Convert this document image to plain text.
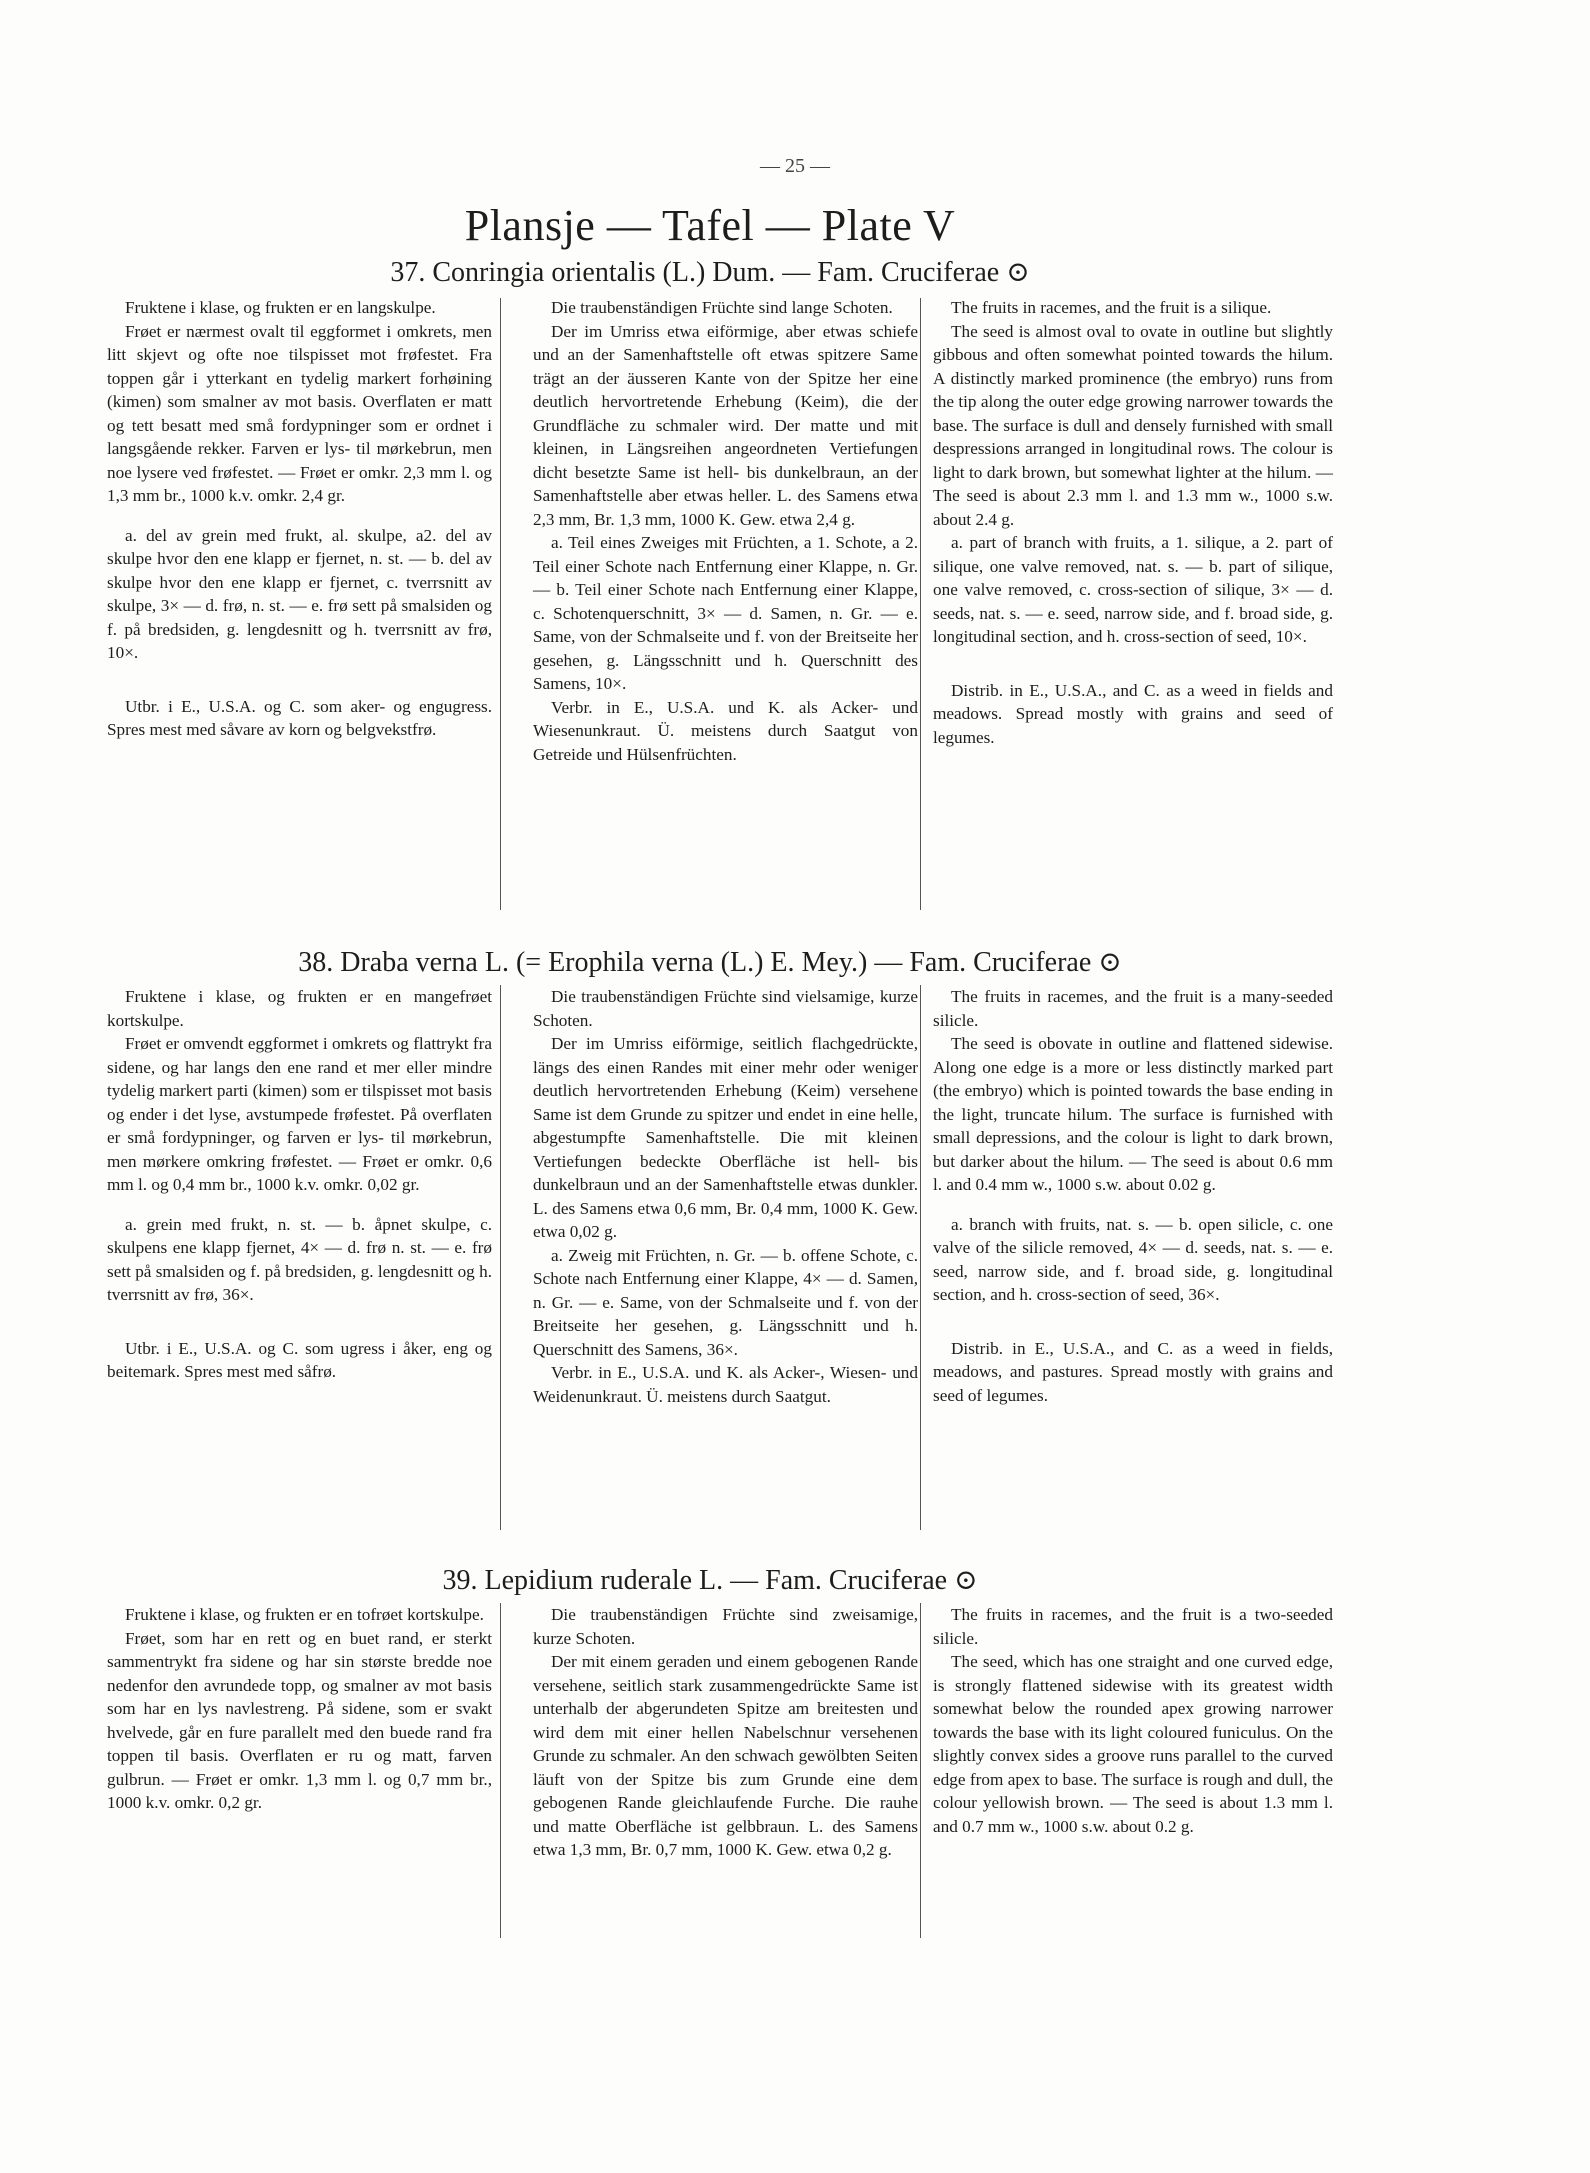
— 25 —
Plansje — Tafel — Plate V
37. Conringia orientalis (L.) Dum. — Fam. Cruciferae ⊙

Fruktene i klase, og frukten er en langskulpe.

Frøet er nærmest ovalt til eggformet i omkrets, men litt skjevt og ofte noe tilspisset mot frøfestet. Fra toppen går i ytterkant en tydelig markert forhøining (kimen) som smalner av mot basis. Overflaten er matt og tett besatt med små fordypninger som er ordnet i langsgående rekker. Farven er lys- til mørkebrun, men noe lysere ved frøfestet. — Frøet er omkr. 2,3 mm l. og 1,3 mm br., 1000 k.v. omkr. 2,4 gr.

a. del av grein med frukt, al. skulpe, a2. del av skulpe hvor den ene klapp er fjernet, n. st. — b. del av skulpe hvor den ene klapp er fjernet, c. tverrsnitt av skulpe, 3× — d. frø, n. st. — e. frø sett på smalsiden og f. på bredsiden, g. lengdesnitt og h. tverrsnitt av frø, 10×.

Utbr. i E., U.S.A. og C. som aker- og engugress. Spres mest med såvare av korn og belgvekstfrø.

Die traubenständigen Früchte sind lange Schoten.

Der im Umriss etwa eiförmige, aber etwas schiefe und an der Samenhaftstelle oft etwas spitzere Same trägt an der äusseren Kante von der Spitze her eine deutlich hervortretende Erhebung (Keim), die der Grundfläche zu schmaler wird. Der matte und mit kleinen, in Längsreihen angeordneten Vertiefungen dicht besetzte Same ist hell- bis dunkelbraun, an der Samenhaftstelle aber etwas heller. L. des Samens etwa 2,3 mm, Br. 1,3 mm, 1000 K. Gew. etwa 2,4 g.

a. Teil eines Zweiges mit Früchten, a 1. Schote, a 2. Teil einer Schote nach Entfernung einer Klappe, n. Gr. — b. Teil einer Schote nach Entfernung einer Klappe, c. Schotenquerschnitt, 3× — d. Samen, n. Gr. — e. Same, von der Schmalseite und f. von der Breitseite her gesehen, g. Längsschnitt und h. Querschnitt des Samens, 10×.

Verbr. in E., U.S.A. und K. als Acker- und Wiesenunkraut. Ü. meistens durch Saatgut von Getreide und Hülsenfrüchten.

The fruits in racemes, and the fruit is a silique.

The seed is almost oval to ovate in outline but slightly gibbous and often somewhat pointed towards the hilum. A distinctly marked prominence (the embryo) runs from the tip along the outer edge growing narrower towards the base. The surface is dull and densely furnished with small despressions arranged in longitudinal rows. The colour is light to dark brown, but somewhat lighter at the hilum. — The seed is about 2.3 mm l. and 1.3 mm w., 1000 s.w. about 2.4 g.

a. part of branch with fruits, a 1. silique, a 2. part of silique, one valve removed, nat. s. — b. part of silique, one valve removed, c. cross-section of silique, 3× — d. seeds, nat. s. — e. seed, narrow side, and f. broad side, g. longitudinal section, and h. cross-section of seed, 10×.

Distrib. in E., U.S.A., and C. as a weed in fields and meadows. Spread mostly with grains and seed of legumes.

38. Draba verna L. (= Erophila verna (L.) E. Mey.) — Fam. Cruciferae ⊙

Fruktene i klase, og frukten er en mangefrøet kortskulpe.

Frøet er omvendt eggformet i omkrets og flattrykt fra sidene, og har langs den ene rand et mer eller mindre tydelig markert parti (kimen) som er tilspisset mot basis og ender i det lyse, avstumpede frøfestet. På overflaten er små fordypninger, og farven er lys- til mørkebrun, men mørkere omkring frøfestet. — Frøet er omkr. 0,6 mm l. og 0,4 mm br., 1000 k.v. omkr. 0,02 gr.

a. grein med frukt, n. st. — b. åpnet skulpe, c. skulpens ene klapp fjernet, 4× — d. frø n. st. — e. frø sett på smalsiden og f. på bredsiden, g. lengdesnitt og h. tverrsnitt av frø, 36×.

Utbr. i E., U.S.A. og C. som ugress i åker, eng og beitemark. Spres mest med såfrø.

Die traubenständigen Früchte sind vielsamige, kurze Schoten.

Der im Umriss eiförmige, seitlich flachgedrückte, längs des einen Randes mit einer mehr oder weniger deutlich hervortretenden Erhebung (Keim) versehene Same ist dem Grunde zu spitzer und endet in eine helle, abgestumpfte Samenhaftstelle. Die mit kleinen Vertiefungen bedeckte Oberfläche ist hell- bis dunkelbraun und an der Samenhaftstelle etwas dunkler. L. des Samens etwa 0,6 mm, Br. 0,4 mm, 1000 K. Gew. etwa 0,02 g.

a. Zweig mit Früchten, n. Gr. — b. offene Schote, c. Schote nach Entfernung einer Klappe, 4× — d. Samen, n. Gr. — e. Same, von der Schmalseite und f. von der Breitseite her gesehen, g. Längsschnitt und h. Querschnitt des Samens, 36×.

Verbr. in E., U.S.A. und K. als Acker-, Wiesen- und Weidenunkraut. Ü. meistens durch Saatgut.

The fruits in racemes, and the fruit is a many-seeded silicle.

The seed is obovate in outline and flattened sidewise. Along one edge is a more or less distinctly marked part (the embryo) which is pointed towards the base ending in the light, truncate hilum. The surface is furnished with small depressions, and the colour is light to dark brown, but darker about the hilum. — The seed is about 0.6 mm l. and 0.4 mm w., 1000 s.w. about 0.02 g.

a. branch with fruits, nat. s. — b. open silicle, c. one valve of the silicle removed, 4× — d. seeds, nat. s. — e. seed, narrow side, and f. broad side, g. longitudinal section, and h. cross-section of seed, 36×.

Distrib. in E., U.S.A., and C. as a weed in fields, meadows, and pastures. Spread mostly with grains and seed of legumes.

39. Lepidium ruderale L. — Fam. Cruciferae ⊙

Fruktene i klase, og frukten er en tofrøet kortskulpe.

Frøet, som har en rett og en buet rand, er sterkt sammentrykt fra sidene og har sin største bredde noe nedenfor den avrundede topp, og smalner av mot basis som har en lys navlestreng. På sidene, som er svakt hvelvede, går en fure parallelt med den buede rand fra toppen til basis. Overflaten er ru og matt, farven gulbrun. — Frøet er omkr. 1,3 mm l. og 0,7 mm br., 1000 k.v. omkr. 0,2 gr.

Die traubenständigen Früchte sind zweisamige, kurze Schoten.

Der mit einem geraden und einem gebogenen Rande versehene, seitlich stark zusammengedrückte Same ist unterhalb der abgerundeten Spitze am breitesten und wird dem mit einer hellen Nabelschnur versehenen Grunde zu schmaler. An den schwach gewölbten Seiten läuft von der Spitze bis zum Grunde eine dem gebogenen Rande gleichlaufende Furche. Die rauhe und matte Oberfläche ist gelbbraun. L. des Samens etwa 1,3 mm, Br. 0,7 mm, 1000 K. Gew. etwa 0,2 g.

The fruits in racemes, and the fruit is a two-seeded silicle.

The seed, which has one straight and one curved edge, is strongly flattened sidewise with its greatest width somewhat below the rounded apex growing narrower towards the base with its light coloured funiculus. On the slightly convex sides a groove runs parallel to the curved edge from apex to base. The surface is rough and dull, the colour yellowish brown. — The seed is about 1.3 mm l. and 0.7 mm w., 1000 s.w. about 0.2 g.
